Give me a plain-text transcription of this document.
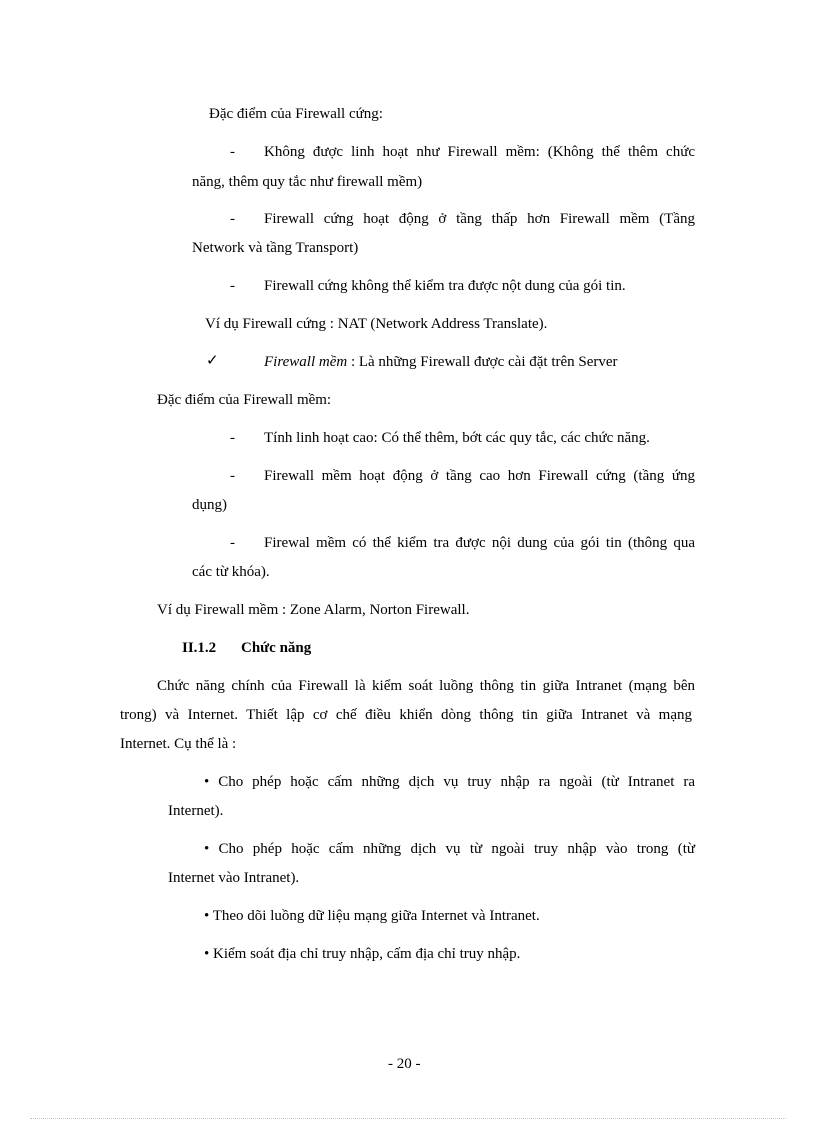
Đặc điểm của Firewall cứng:
- Không được linh hoạt như Firewall mềm: (Không thể thêm chức
năng, thêm quy tắc như firewall mềm)
- Firewall cứng hoạt động ở tầng thấp hơn Firewall mềm (Tầng
Network và tầng Transport)
- Firewall cứng không thể kiểm tra được nột dung của gói tin.
Ví dụ Firewall cứng : NAT (Network Address Translate).
✓	Firewall mềm : Là những Firewall được cài đặt trên Server
Đặc điểm của Firewall mềm:
- Tính linh hoạt cao: Có thể thêm, bớt các quy tắc, các chức năng.
- Firewall mềm hoạt động ở tầng cao hơn Firewall cứng (tầng ứng
dụng)
- Firewal mềm có thể kiểm tra được nội dung của gói tin (thông qua
các từ khóa).
Ví dụ Firewall mềm : Zone Alarm, Norton Firewall.
II.1.2 Chức năng
Chức năng chính của Firewall là kiểm soát luồng thông tin giữa Intranet (mạng bên
trong) và Internet. Thiết lập cơ chế điều khiển dòng thông tin giữa Intranet và mạng
Internet. Cụ thể là :
• Cho phép hoặc cấm những dịch vụ truy nhập ra ngoài (từ Intranet ra
Internet).
• Cho phép hoặc cấm những dịch vụ từ ngoài truy nhập vào trong (từ
Internet vào Intranet).
• Theo dõi luồng dữ liệu mạng giữa Internet và Intranet.
• Kiểm soát địa chỉ truy nhập, cấm địa chỉ truy nhập.
- 20 -
